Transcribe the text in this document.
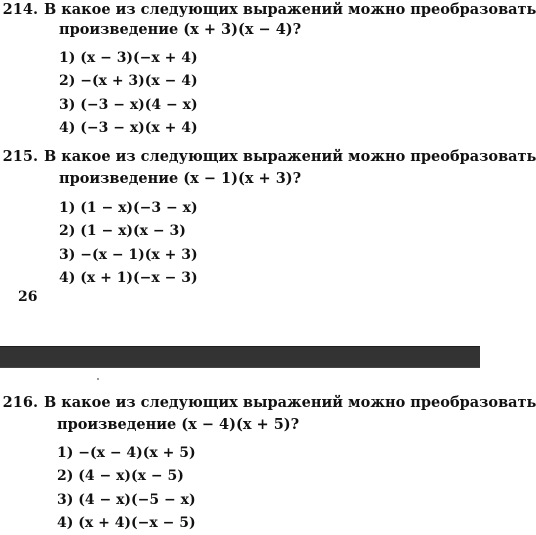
214. В какое из следующих выражений можно преобразовать
произведение (x + 3)(x − 4)?
1) (x − 3)(−x + 4)
2) −(x + 3)(x − 4)
3) (−3 − x)(4 − x)
4) (−3 − x)(x + 4)
215. В какое из следующих выражений можно преобразовать
произведение (x − 1)(x + 3)?
1) (1 − x)(−3 − x)
2) (1 − x)(x − 3)
3) −(x − 1)(x + 3)
4) (x + 1)(−x − 3)
26
216. В какое из следующих выражений можно преобразовать
произведение (x − 4)(x + 5)?
1) −(x − 4)(x + 5)
2) (4 − x)(x − 5)
3) (4 − x)(−5 − x)
4) (x + 4)(−x − 5)
